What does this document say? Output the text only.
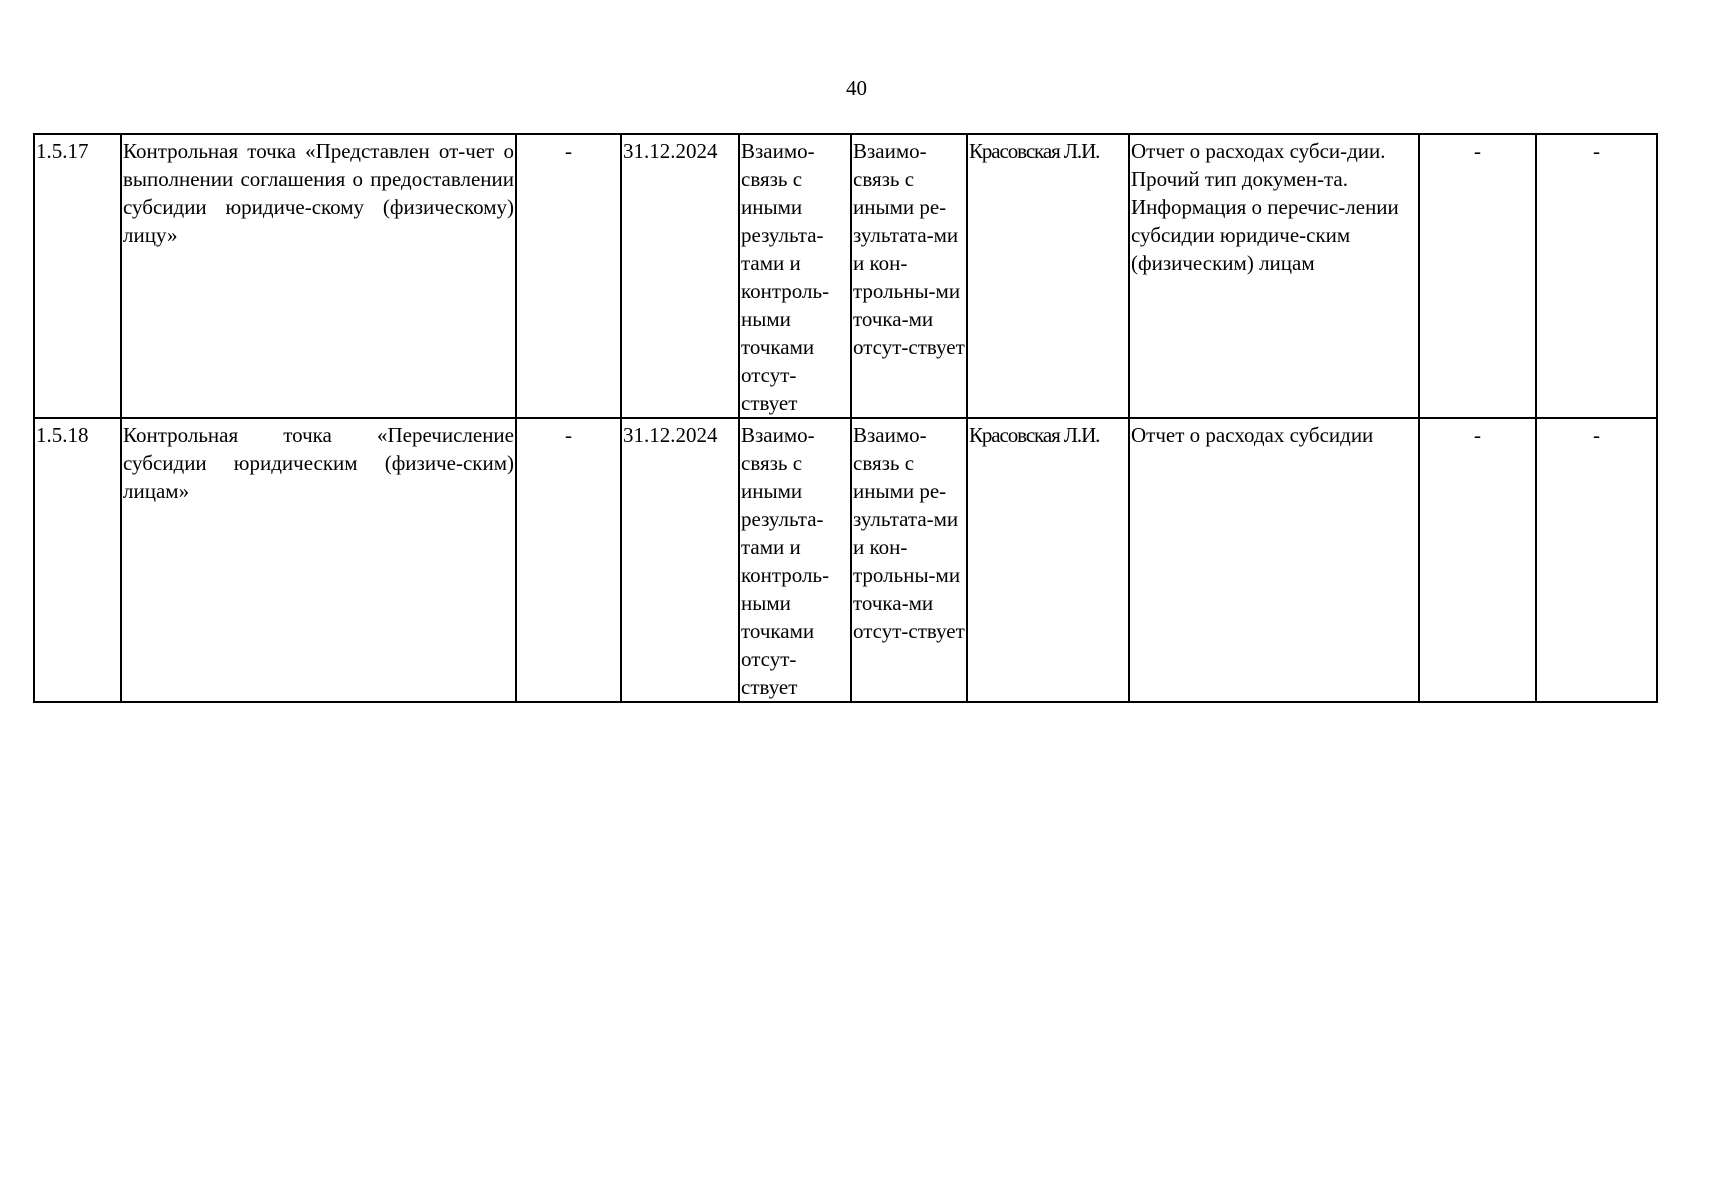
40
1.5.17	Контрольная точка «Представлен от-чет о выполнении соглашения о предоставлении субсидии юридиче-скому (физическому) лицу»	-	31.12.2024	Взаимо-связь с иными результа-тами и контроль-ными точками отсут-ствует	Взаимо-связь с иными ре-зультата-ми и кон-трольны-ми точка-ми отсут-ствует	Красовская Л.И.	Отчет о расходах субси-дии. Прочий тип докумен-та. Информация о перечис-лении субсидии юридиче-ским (физическим) лицам	-	-
1.5.18	Контрольная точка «Перечисление субсидии юридическим (физиче-ским) лицам»	-	31.12.2024	Взаимо-связь с иными результа-тами и контроль-ными точками отсут-ствует	Взаимо-связь с иными ре-зультата-ми и кон-трольны-ми точка-ми отсут-ствует	Красовская Л.И.	Отчет о расходах субсидии	-	-
